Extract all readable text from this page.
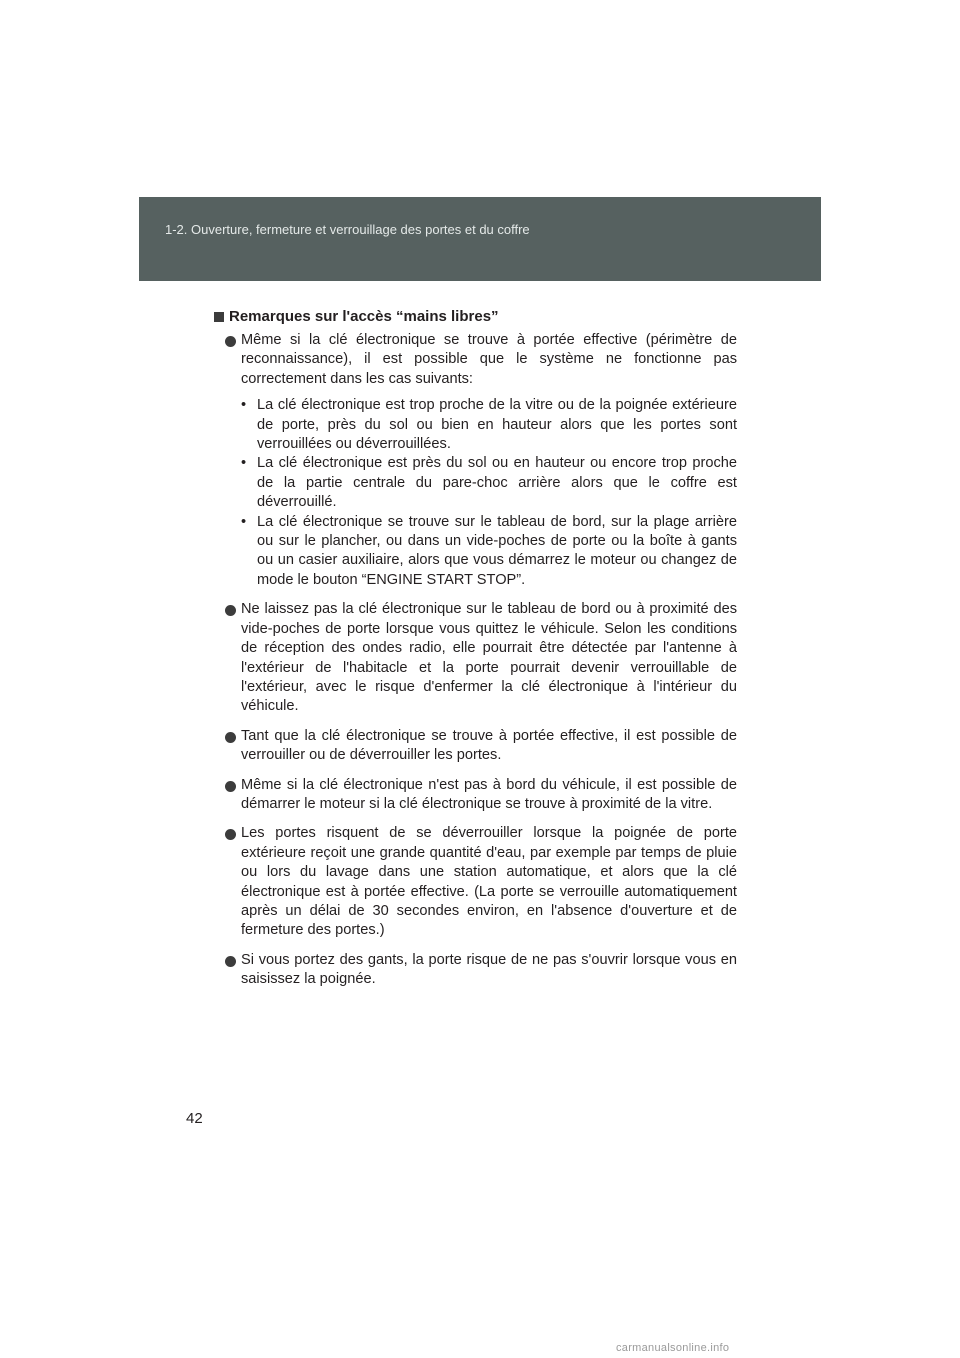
1-2. Ouverture, fermeture et verrouillage des portes et du coffre
Remarques sur l'accès “mains libres”

Même si la clé électronique se trouve à portée effective (périmètre de reconnaissance), il est possible que le système ne fonctionne pas correctement dans les cas suivants:

• La clé électronique est trop proche de la vitre ou de la poignée extérieure de porte, près du sol ou bien en hauteur alors que les portes sont verrouillées ou déverrouillées.

• La clé électronique est près du sol ou en hauteur ou encore trop proche de la partie centrale du pare-choc arrière alors que le coffre est déverrouillé.

• La clé électronique se trouve sur le tableau de bord, sur la plage arrière ou sur le plancher, ou dans un vide-poches de porte ou la boîte à gants ou un casier auxiliaire, alors que vous démarrez le moteur ou changez de mode le bouton “ENGINE START STOP”.

Ne laissez pas la clé électronique sur le tableau de bord ou à proximité des vide-poches de porte lorsque vous quittez le véhicule. Selon les conditions de réception des ondes radio, elle pourrait être détectée par l'antenne à l'extérieur de l'habitacle et la porte pourrait devenir verrouillable de l'extérieur, avec le risque d'enfermer la clé électronique à l'intérieur du véhicule.

Tant que la clé électronique se trouve à portée effective, il est possible de verrouiller ou de déverrouiller les portes.

Même si la clé électronique n'est pas à bord du véhicule, il est possible de démarrer le moteur si la clé électronique se trouve à proximité de la vitre.

Les portes risquent de se déverrouiller lorsque la poignée de porte extérieure reçoit une grande quantité d'eau, par exemple par temps de pluie ou lors du lavage dans une station automatique, et alors que la clé électronique est à portée effective. (La porte se verrouille automatiquement après un délai de 30 secondes environ, en l'absence d'ouverture et de fermeture des portes.)

Si vous portez des gants, la porte risque de ne pas s'ouvrir lorsque vous en saisissez la poignée.

42
carmanualsonline.info
